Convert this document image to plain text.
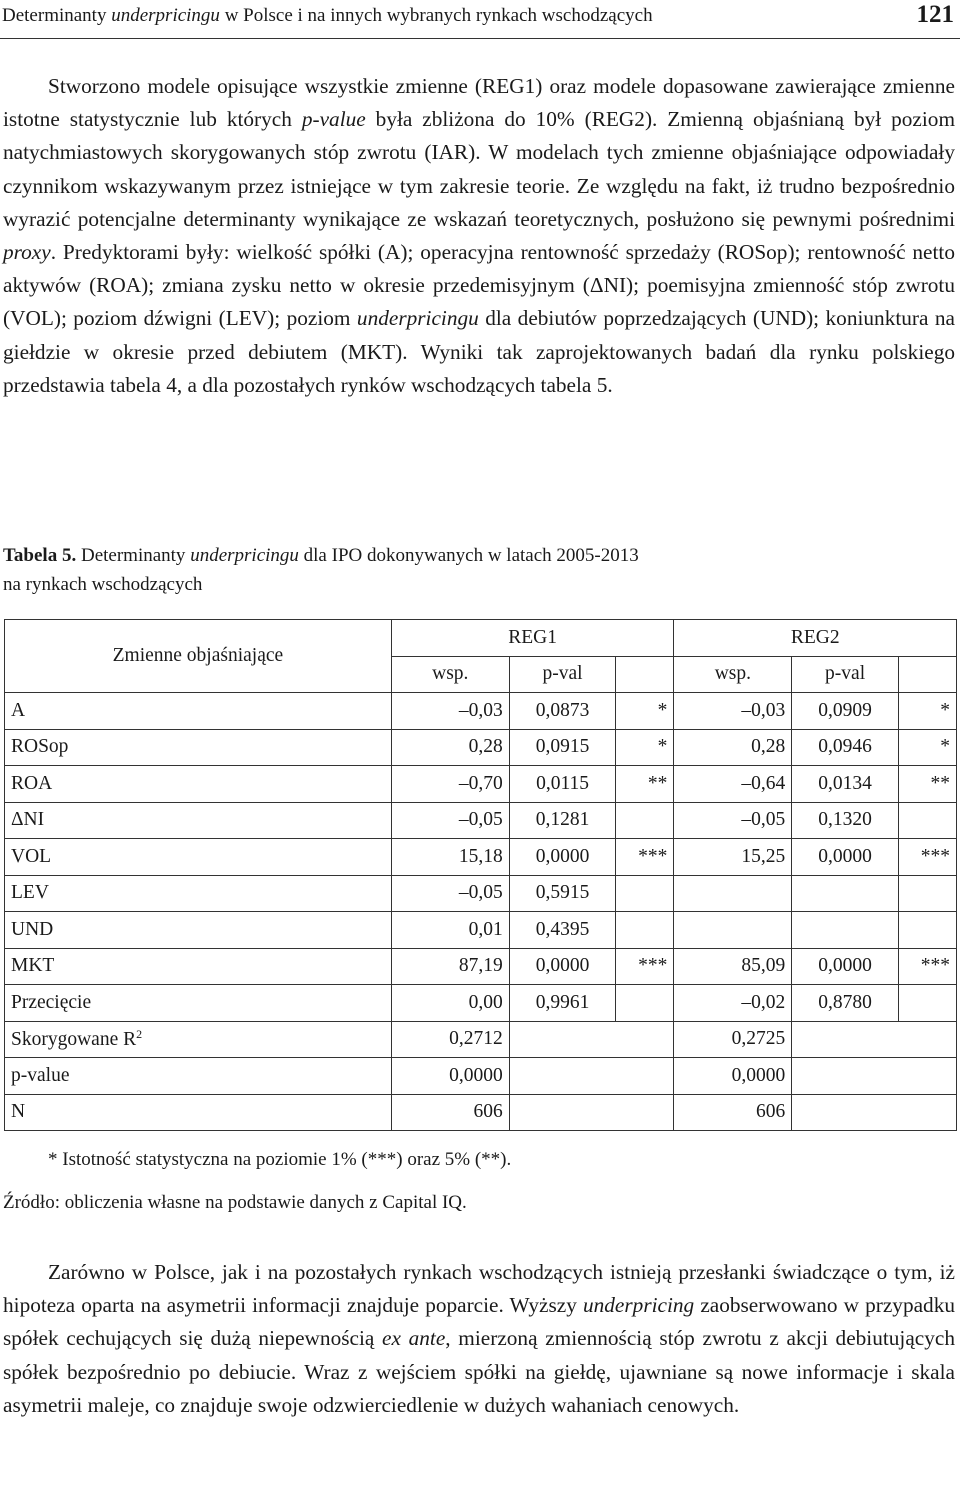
Determinanty underpricingu w Polsce i na innych wybranych rynkach wschodzących	121
Stworzono modele opisujące wszystkie zmienne (REG1) oraz modele dopasowane zawierające zmienne istotne statystycznie lub których p-value była zbliżona do 10% (REG2). Zmienną objaśnianą był poziom natychmiastowych skorygowanych stóp zwrotu (IAR). W modelach tych zmienne objaśniające odpowiadały czynnikom wskazywanym przez istniejące w tym zakresie teorie. Ze względu na fakt, iż trudno bezpośrednio wyrazić potencjalne determinanty wynikające ze wskazań teoretycznych, posłużono się pewnymi pośrednimi proxy. Predyktorami były: wielkość spółki (A); operacyjna rentowność sprzedaży (ROSop); rentowność netto aktywów (ROA); zmiana zysku netto w okresie przedemisyjnym (ΔNI); poemisyjna zmienność stóp zwrotu (VOL); poziom dźwigni (LEV); poziom underpricingu dla debiutów poprzedzających (UND); koniunktura na giełdzie w okresie przed debiutem (MKT). Wyniki tak zaprojektowanych badań dla rynku polskiego przedstawia tabela 4, a dla pozostałych rynków wschodzących tabela 5.
Tabela 5. Determinanty underpricingu dla IPO dokonywanych w latach 2005-2013
na rynkach wschodzących
Zmienne objaśniające	REG1			REG2		
	wsp.	p-val		wsp.	p-val	
A	–0,03	0,0873	*	–0,03	0,0909	*
ROSop	0,28	0,0915	*	0,28	0,0946	*
ROA	–0,70	0,0115	**	–0,64	0,0134	**
ΔNI	–0,05	0,1281		–0,05	0,1320	
VOL	15,18	0,0000	***	15,25	0,0000	***
LEV	–0,05	0,5915				
UND	0,01	0,4395				
MKT	87,19	0,0000	***	85,09	0,0000	***
Przecięcie	0,00	0,9961		–0,02	0,8780	
Skorygowane $R^2$	0,2712			0,2725		
p-value	0,0000			0,0000		
N	606			606		
* Istotność statystyczna na poziomie 1% (***) oraz 5% (**).
Źródło: obliczenia własne na podstawie danych z Capital IQ.
Zarówno w Polsce, jak i na pozostałych rynkach wschodzących istnieją przesłanki świadczące o tym, iż hipoteza oparta na asymetrii informacji znajduje poparcie. Wyższy underpricing zaobserwowano w przypadku spółek cechujących się dużą niepewnością ex ante, mierzoną zmiennością stóp zwrotu z akcji debiutujących spółek bezpośrednio po debiucie. Wraz z wejściem spółki na giełdę, ujawniane są nowe informacje i skala asymetrii maleje, co znajduje swoje odzwierciedlenie w dużych wahaniach cenowych.
